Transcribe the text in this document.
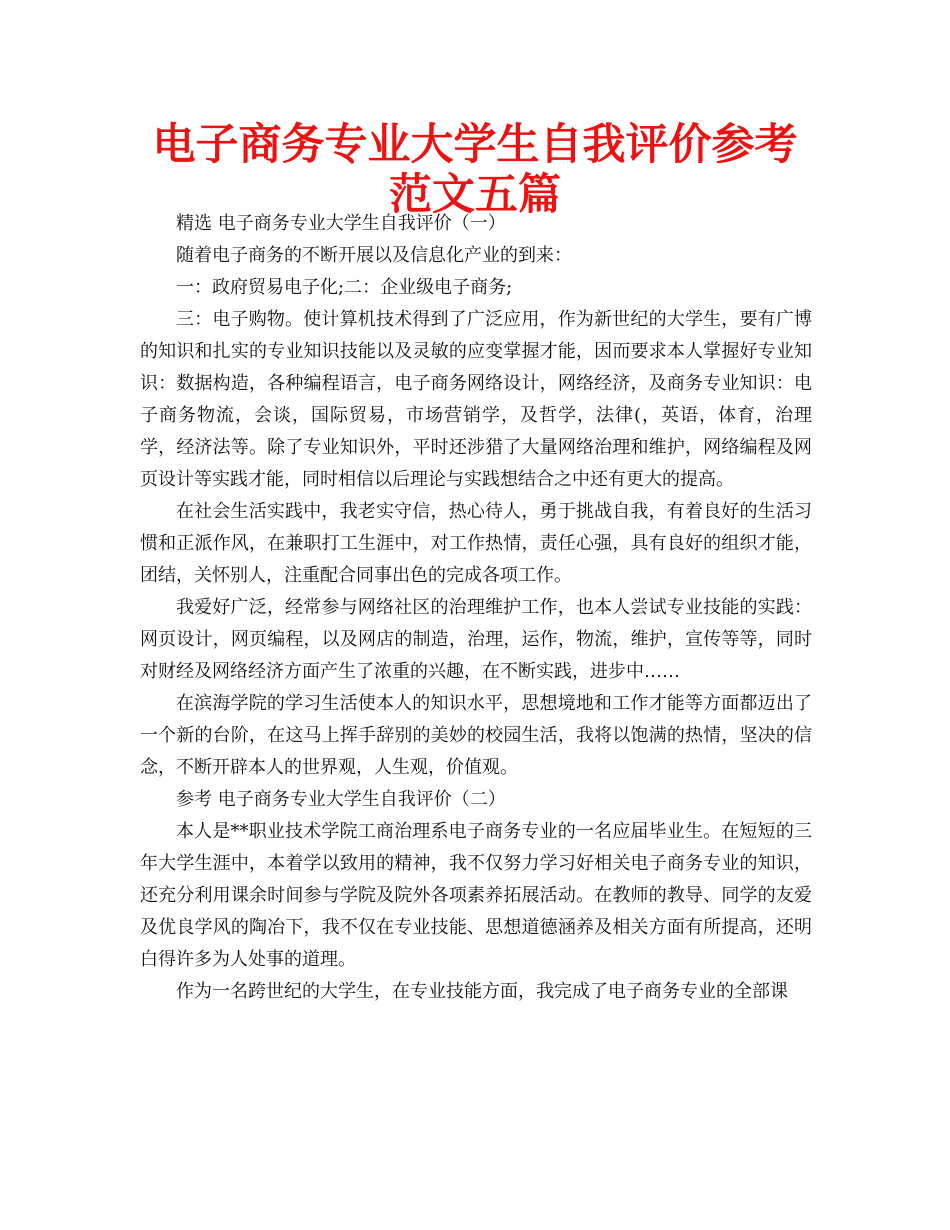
电子商务专业大学生自我评价参考范文五篇

精选 电子商务专业大学生自我评价（一）

随着电子商务的不断开展以及信息化产业的到来：

一：政府贸易电子化;二：企业级电子商务;

三：电子购物。使计算机技术得到了广泛应用，作为新世纪的大学生，要有广博的知识和扎实的专业知识技能以及灵敏的应变掌握才能，因而要求本人掌握好专业知识：数据构造，各种编程语言，电子商务网络设计，网络经济，及商务专业知识：电子商务物流，会谈，国际贸易，市场营销学，及哲学，法律(，英语，体育，治理学，经济法等。除了专业知识外，平时还涉猎了大量网络治理和维护，网络编程及网页设计等实践才能，同时相信以后理论与实践想结合之中还有更大的提高。

在社会生活实践中，我老实守信，热心待人，勇于挑战自我，有着良好的生活习惯和正派作风，在兼职打工生涯中，对工作热情，责任心强，具有良好的组织才能，团结，关怀别人，注重配合同事出色的完成各项工作。

我爱好广泛，经常参与网络社区的治理维护工作，也本人尝试专业技能的实践：网页设计，网页编程，以及网店的制造，治理，运作，物流，维护，宣传等等，同时对财经及网络经济方面产生了浓重的兴趣，在不断实践，进步中……

在滨海学院的学习生活使本人的知识水平，思想境地和工作才能等方面都迈出了一个新的台阶，在这马上挥手辞别的美妙的校园生活，我将以饱满的热情，坚决的信念，不断开辟本人的世界观，人生观，价值观。

参考 电子商务专业大学生自我评价（二）

本人是**职业技术学院工商治理系电子商务专业的一名应届毕业生。在短短的三年大学生涯中，本着学以致用的精神，我不仅努力学习好相关电子商务专业的知识，还充分利用课余时间参与学院及院外各项素养拓展活动。在教师的教导、同学的友爱及优良学风的陶冶下，我不仅在专业技能、思想道德涵养及相关方面有所提高，还明白得许多为人处事的道理。

作为一名跨世纪的大学生，在专业技能方面，我完成了电子商务专业的全部课
